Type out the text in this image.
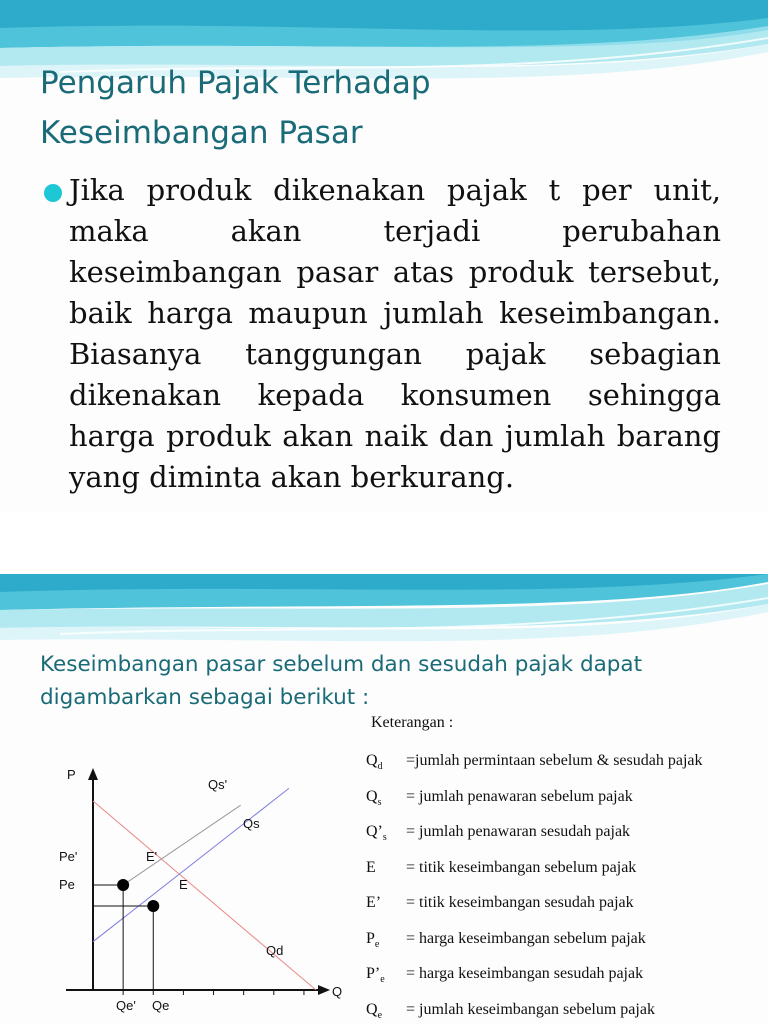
Pengaruh Pajak Terhadap
Keseimbangan Pasar

Jika produk dikenakan pajak t per unit, maka akan terjadi perubahan keseimbangan pasar atas produk tersebut, baik harga maupun jumlah keseimbangan. Biasanya tanggungan pajak sebagian dikenakan kepada konsumen sehingga harga produk akan naik dan jumlah barang yang diminta akan berkurang.

Keseimbangan pasar sebelum dan sesudah pajak dapat
digambarkan sebagai berikut :
P
Q
Pe'
Pe
Qe' Qe
Qs'
Qs
Qd
E'
E

Keterangan :

$Q_d$ =jumlah permintaan sebelum & sesudah pajak

$Q_s$ = jumlah penawaran sebelum pajak

$Q’_s$ = jumlah penawaran sesudah pajak

E = titik keseimbangan sebelum pajak

E’ = titik keseimbangan sesudah pajak

$P_e$ = harga keseimbangan sebelum pajak

$P’_e$ = harga keseimbangan sesudah pajak

$Q_e$ = jumlah keseimbangan sebelum pajak
